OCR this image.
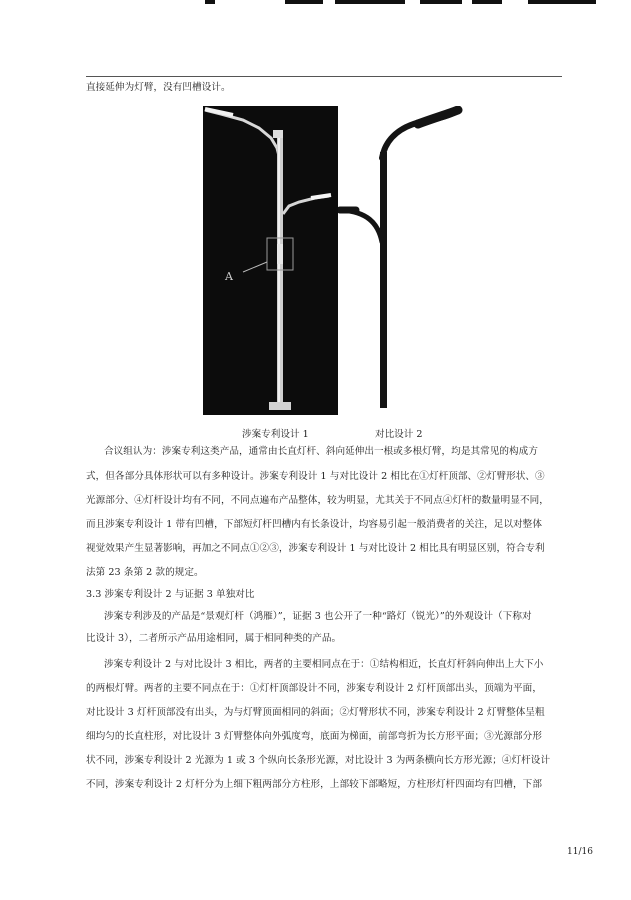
直接延伸为灯臂，没有凹槽设计。
A
涉案专利设计 1	对比设计 2
合议组认为：涉案专利这类产品，通常由长直灯杆、斜向延伸出一根或多根灯臂，均是其常见的构成方
式，但各部分具体形状可以有多种设计。涉案专利设计 1 与对比设计 2 相比在①灯杆顶部、②灯臂形状、③
光源部分、④灯杆设计均有不同，不同点遍布产品整体，较为明显，尤其关于不同点④灯杆的数量明显不同，
而且涉案专利设计 1 带有凹槽，下部短灯杆凹槽内有长条设计，均容易引起一般消费者的关注，足以对整体
视觉效果产生显著影响，再加之不同点①②③，涉案专利设计 1 与对比设计 2 相比具有明显区别，符合专利
法第 23 条第 2 款的规定。
3.3 涉案专利设计 2 与证据 3 单独对比
涉案专利涉及的产品是“景观灯杆（鸿雁）”，证据 3 也公开了一种“路灯（锐光）”的外观设计（下称对
比设计 3），二者所示产品用途相同，属于相同种类的产品。
涉案专利设计 2 与对比设计 3 相比，两者的主要相同点在于：①结构相近，长直灯杆斜向伸出上大下小
的两根灯臂。两者的主要不同点在于：①灯杆顶部设计不同，涉案专利设计 2 灯杆顶部出头，顶端为平面，
对比设计 3 灯杆顶部没有出头，为与灯臂顶面相同的斜面；②灯臂形状不同，涉案专利设计 2 灯臂整体呈粗
细均匀的长直柱形，对比设计 3 灯臂整体向外弧度弯，底面为梯面，前部弯折为长方形平面；③光源部分形
状不同，涉案专利设计 2 光源为 1 或 3 个纵向长条形光源，对比设计 3 为两条横向长方形光源；④灯杆设计
不同，涉案专利设计 2 灯杆分为上细下粗两部分方柱形，上部较下部略短，方柱形灯杆四面均有凹槽，下部
11/16
